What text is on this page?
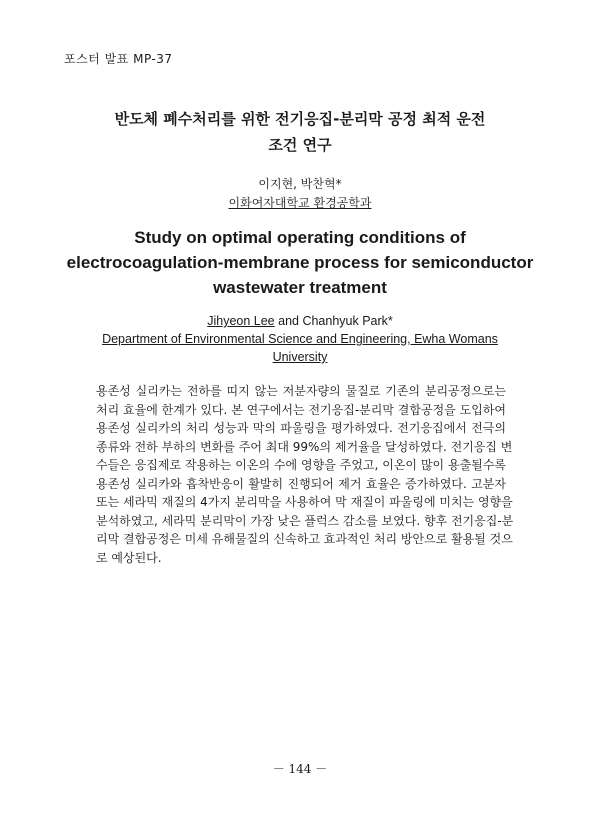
포스터 발표 MP-37
반도체 폐수처리를 위한 전기응집-분리막 공정 최적 운전
조건 연구
이지현, 박찬혁*
이화여자대학교 환경공학과
Study on optimal operating conditions of
electrocoagulation-membrane process for semiconductor
wastewater treatment
Jihyeon Lee and Chanhyuk Park*
Department of Environmental Science and Engineering, Ewha Womans
University
용존성 실리카는 전하를 띠지 않는 저분자량의 물질로 기존의 분리공정으로는
처리 효율에 한계가 있다. 본 연구에서는 전기응집-분리막 결합공정을 도입하여
용존성 실리카의 처리 성능과 막의 파울링을 평가하였다. 전기응집에서 전극의
종류와 전하 부하의 변화를 주어 최대 99%의 제거율을 달성하였다. 전기응집 변
수들은 응집제로 작용하는 이온의 수에 영향을 주었고, 이온이 많이 용출될수록
용존성 실리카와 흡착반응이 활발히 진행되어 제거 효율은 증가하였다. 고분자
또는 세라믹 재질의 4가지 분리막을 사용하여 막 재질이 파울링에 미치는 영향을
분석하였고, 세라믹 분리막이 가장 낮은 플럭스 감소를 보였다. 향후 전기응집-분
리막 결합공정은 미세 유해물질의 신속하고 효과적인 처리 방안으로 활용될 것으
로 예상된다.
－ 144 －
